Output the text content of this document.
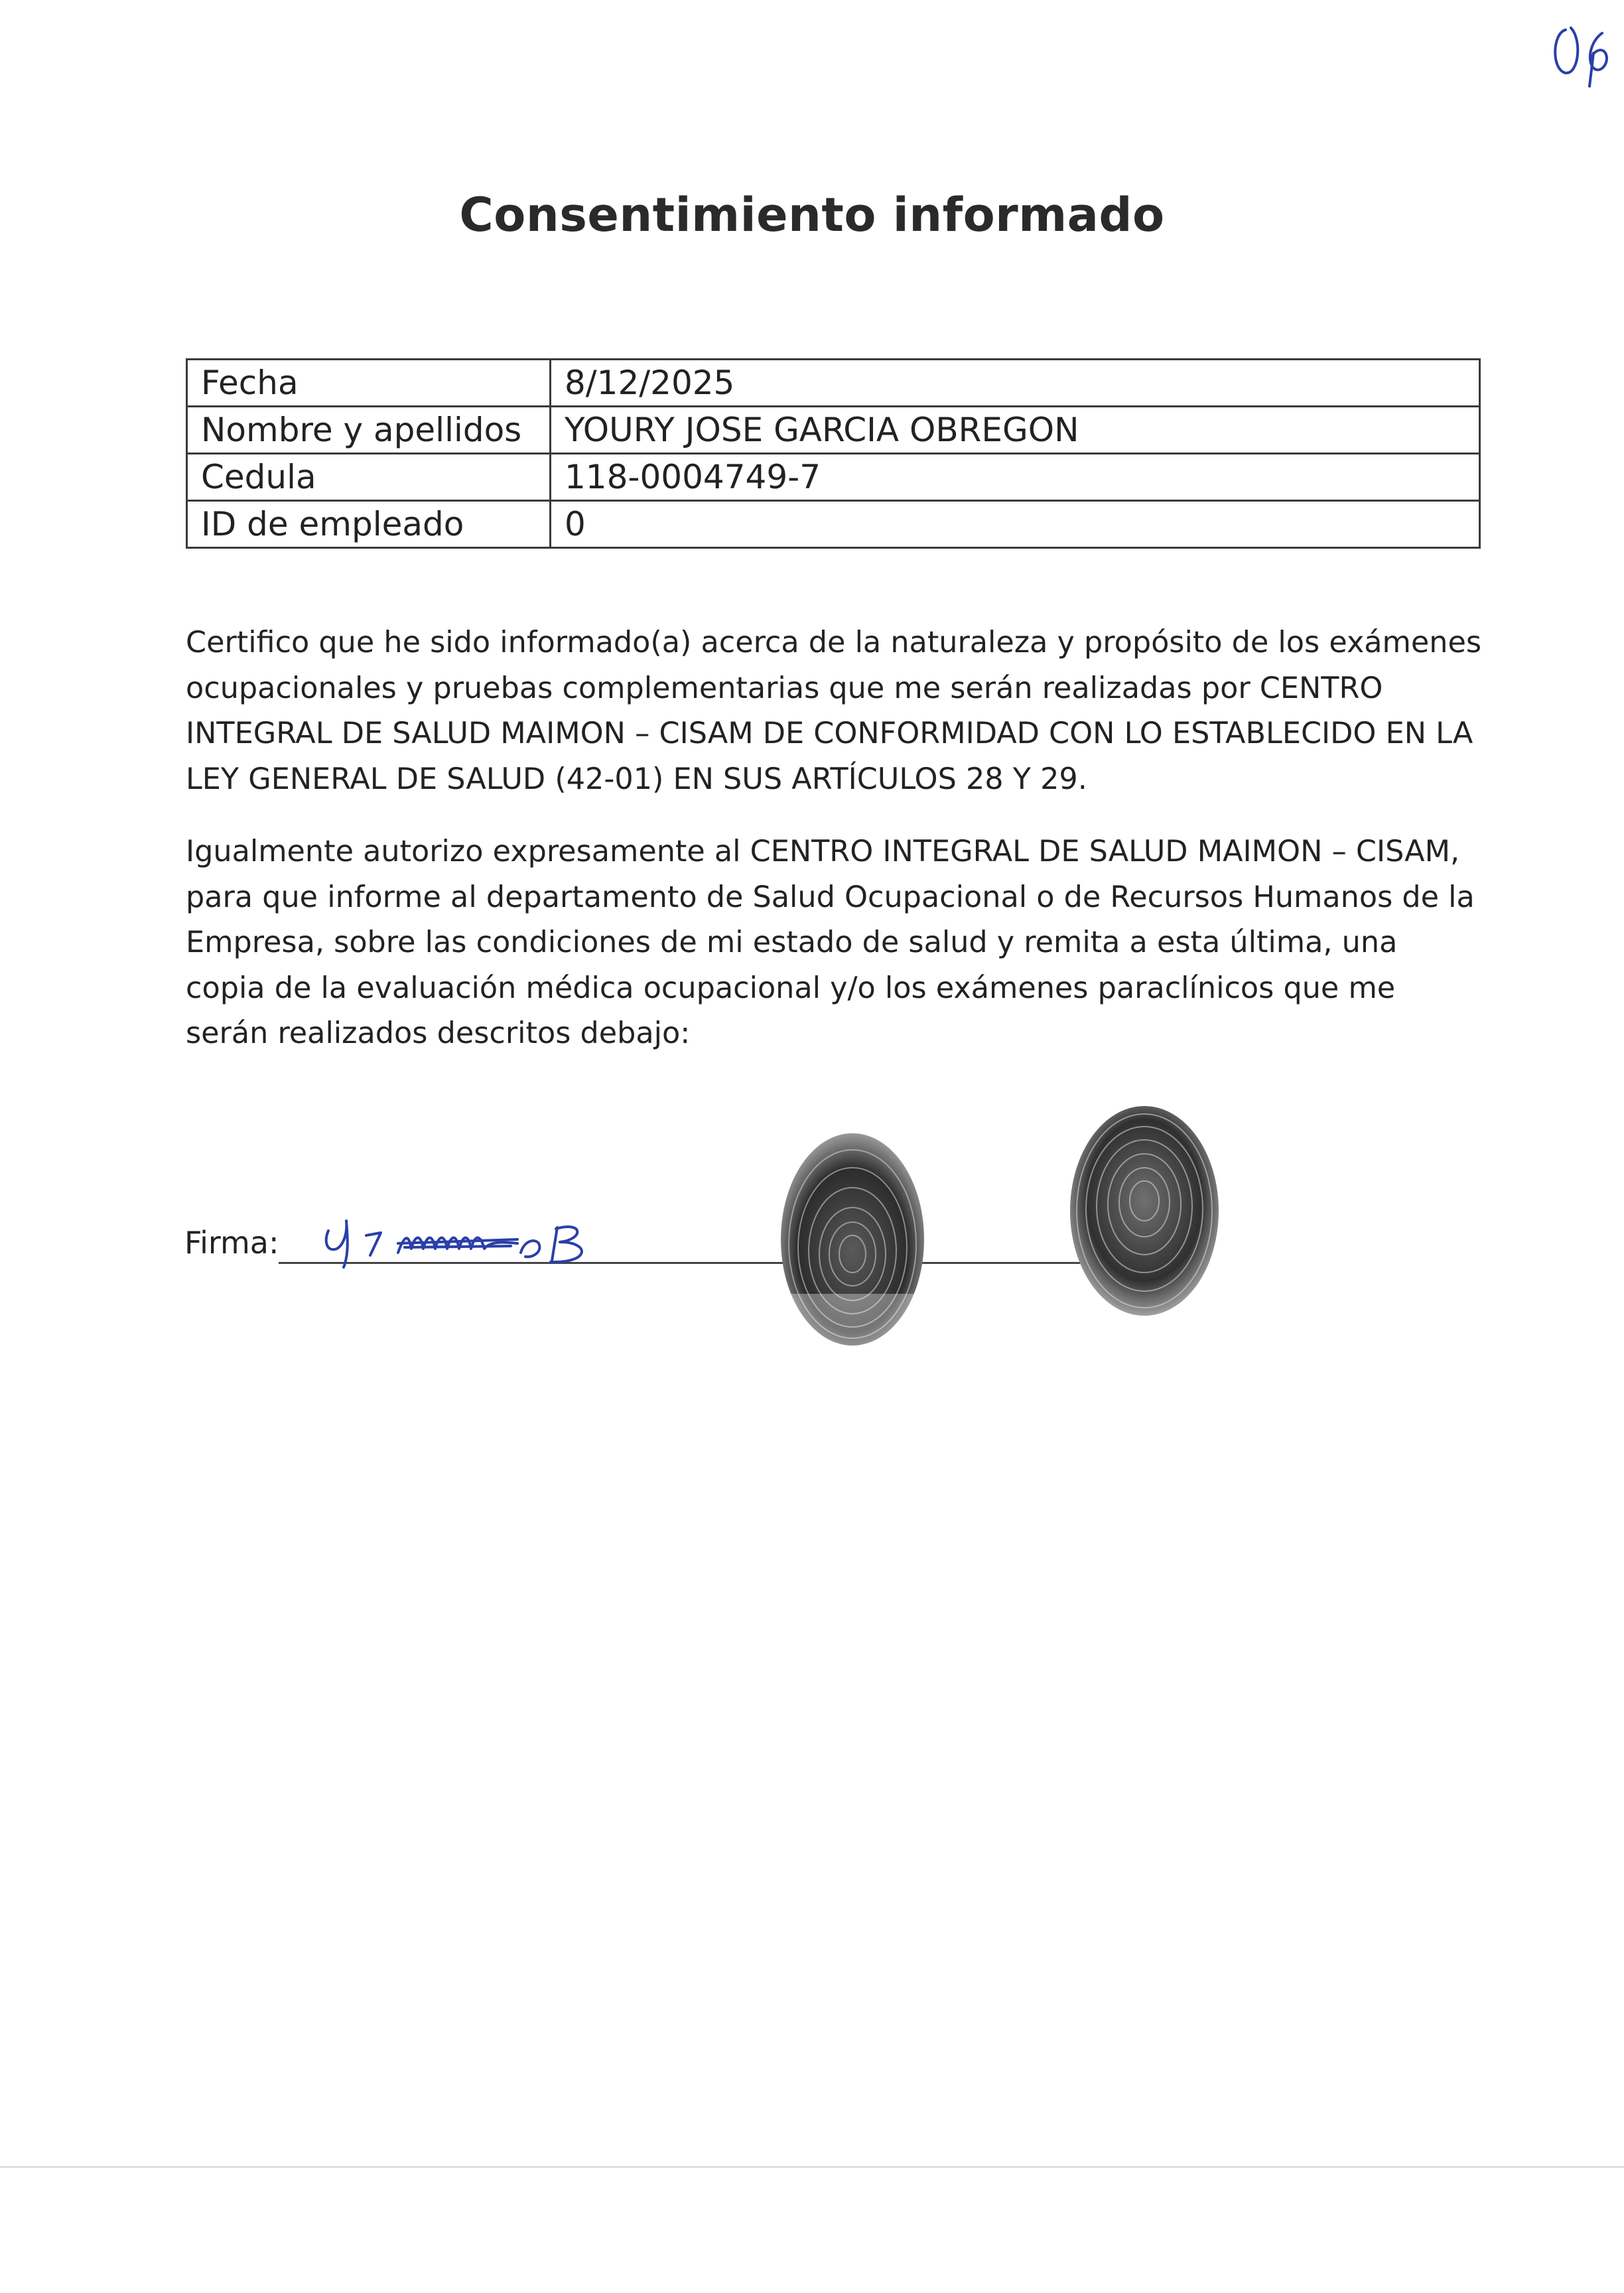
Consentimiento informado
Fecha	8/12/2025
Nombre y apellidos	YOURY JOSE GARCIA OBREGON
Cedula	118-0004749-7
ID de empleado	0
Certifico que he sido informado(a) acerca de la naturaleza y propósito de los exámenes ocupacionales y pruebas complementarias que me serán realizadas por CENTRO INTEGRAL DE SALUD MAIMON – CISAM DE CONFORMIDAD CON LO ESTABLECIDO EN LA LEY GENERAL DE SALUD (42-01) EN SUS ARTÍCULOS 28 Y 29.
Igualmente autorizo expresamente al CENTRO INTEGRAL DE SALUD MAIMON – CISAM, para que informe al departamento de Salud Ocupacional o de Recursos Humanos de la Empresa, sobre las condiciones de mi estado de salud y remita a esta última, una copia de la evaluación médica ocupacional y/o los exámenes paraclínicos que me serán realizados descritos debajo:
Firma:
